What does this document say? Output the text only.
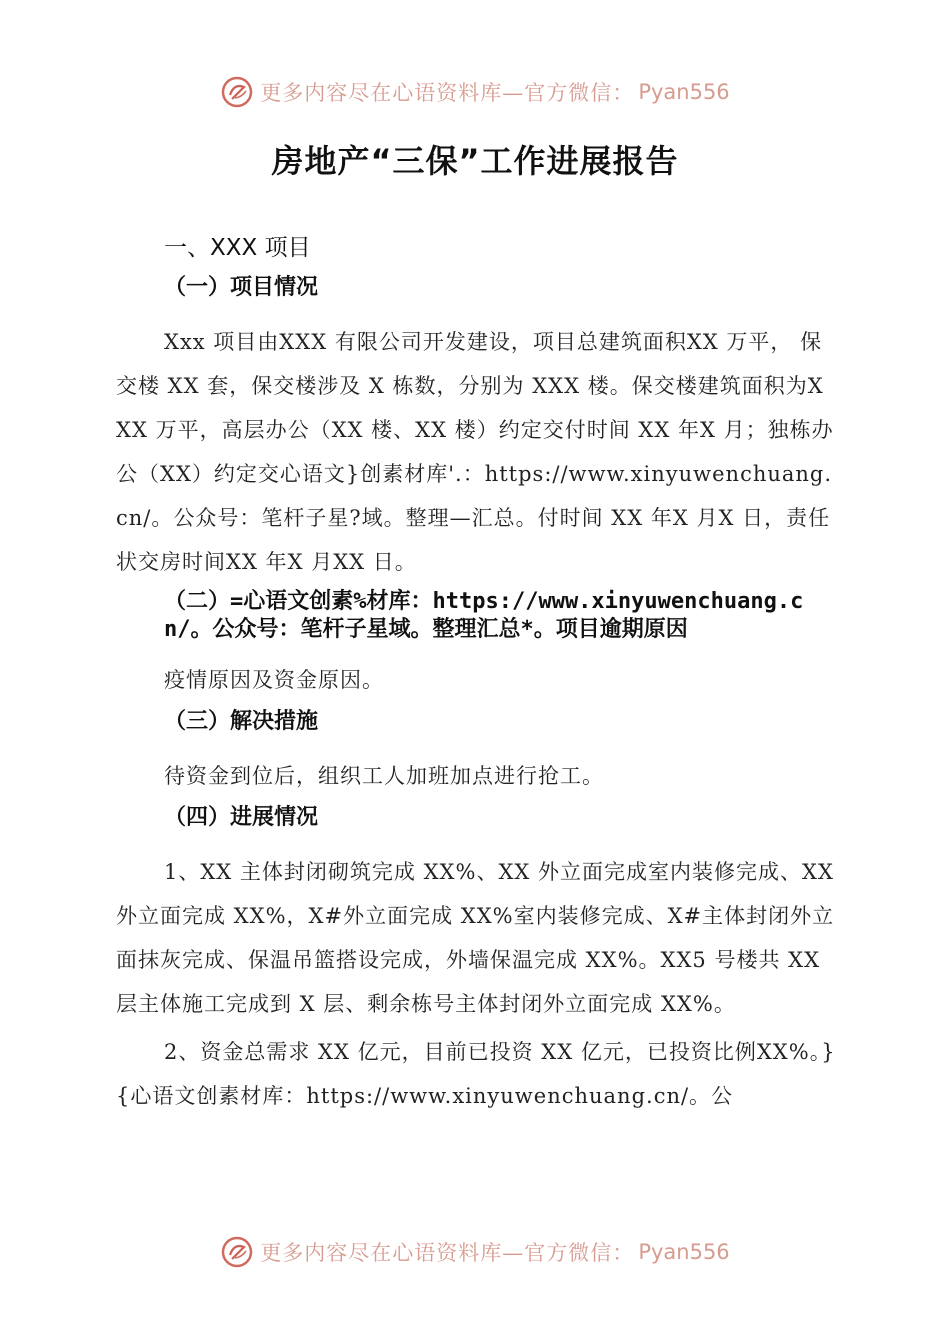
更多内容尽在心语资料库—官方微信： Pyan556
房地产“三保”工作进展报告
一、XXX 项目
（一）项目情况
Xxx 项目由XXX 有限公司开发建设，项目总建筑面积XX 万平， 保交楼 XX 套，保交楼涉及 X 栋数，分别为 XXX 楼。保交楼建筑面积为XXX 万平，高层办公（XX 楼、XX 楼）约定交付时间 XX 年X 月；独栋办公（XX）约定交心语文}创素材库'.：https://www.xinyuwenchuang.cn/。公众号：笔杆子星?域。整理—汇总。付时间 XX 年X 月X 日，责任状交房时间XX 年X 月XX 日。
（二）=心语文创素%材库：https://www.xinyuwenchuang.cn/。公众号：笔杆子星域。整理汇总*。项目逾期原因
疫情原因及资金原因。
（三）解决措施
待资金到位后，组织工人加班加点进行抢工。
（四）进展情况
1、XX 主体封闭砌筑完成 XX%、XX 外立面完成室内装修完成、XX 外立面完成 XX%，X#外立面完成 XX%室内装修完成、X#主体封闭外立面抹灰完成、保温吊篮搭设完成，外墙保温完成 XX%。XX5 号楼共 XX 层主体施工完成到 X 层、剩余栋号主体封闭外立面完成 XX%。
2、资金总需求 XX 亿元，目前已投资 XX 亿元，已投资比例XX%。}{心语文创素材库：https://www.xinyuwenchuang.cn/。公
更多内容尽在心语资料库—官方微信： Pyan556
